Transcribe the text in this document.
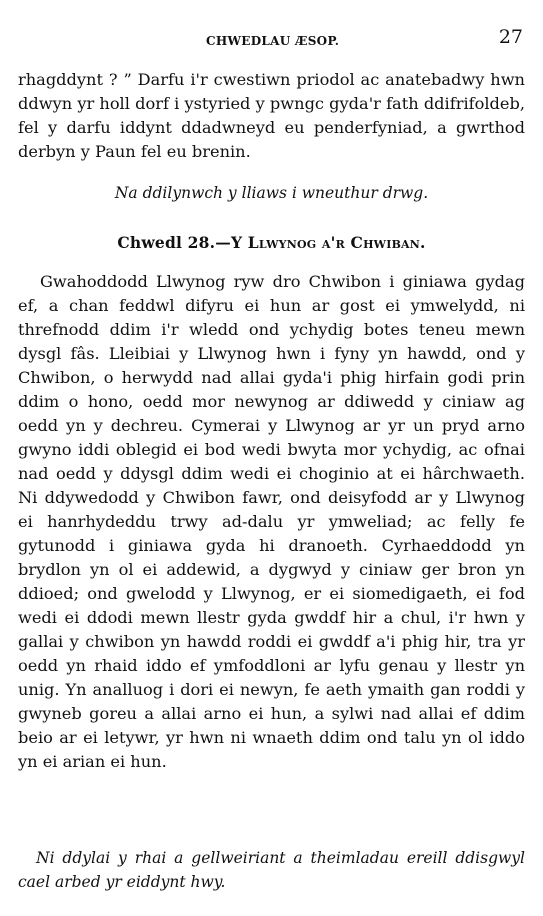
CHWEDLAU ÆSOP.	27

rhagddynt ? ” Darfu i'r cwestiwn priodol ac anatebadwy hwn ddwyn yr holl dorf i ystyried y pwngc gyda'r fath ddifrifoldeb, fel y darfu iddynt ddadwneyd eu penderfyniad, a gwrthod derbyn y Paun fel eu brenin.

Na ddilynwch y lliaws i wneuthur drwg.

Chwedl 28.—Y Llwynog a'r Chwiban.

Gwahoddodd Llwynog ryw dro Chwibon i giniawa gydag ef, a chan feddwl difyru ei hun ar gost ei ymwelydd, ni threfnodd ddim i'r wledd ond ychydig botes teneu mewn dysgl fâs. Lleibiai y Llwynog hwn i fyny yn hawdd, ond y Chwibon, o herwydd nad allai gyda'i phig hirfain godi prin ddim o hono, oedd mor newynog ar ddiwedd y ciniaw ag oedd yn y dechreu. Cymerai y Llwynog ar yr un pryd arno gwyno iddi oblegid ei bod wedi bwyta mor ychydig, ac ofnai nad oedd y ddysgl ddim wedi ei choginio at ei hârchwaeth. Ni ddywedodd y Chwibon fawr, ond deisyfodd ar y Llwynog ei hanrhydeddu trwy ad-dalu yr ymweliad; ac felly fe gytunodd i giniawa gyda hi dranoeth. Cyrhaeddodd yn brydlon yn ol ei addewid, a dygwyd y ciniaw ger bron yn ddioed; ond gwelodd y Llwynog, er ei siomedigaeth, ei fod wedi ei ddodi mewn llestr gyda gwddf hir a chul, i'r hwn y gallai y chwibon yn hawdd roddi ei gwddf a'i phig hir, tra yr oedd yn rhaid iddo ef ymfoddloni ar lyfu genau y llestr yn unig. Yn analluog i dori ei newyn, fe aeth ymaith gan roddi y gwyneb goreu a allai arno ei hun, a sylwi nad allai ef ddim beio ar ei letywr, yr hwn ni wnaeth ddim ond talu yn ol iddo yn ei arian ei hun.

Ni ddylai y rhai a gellweiriant a theimladau ereill ddisgwyl cael arbed yr eiddynt hwy.
